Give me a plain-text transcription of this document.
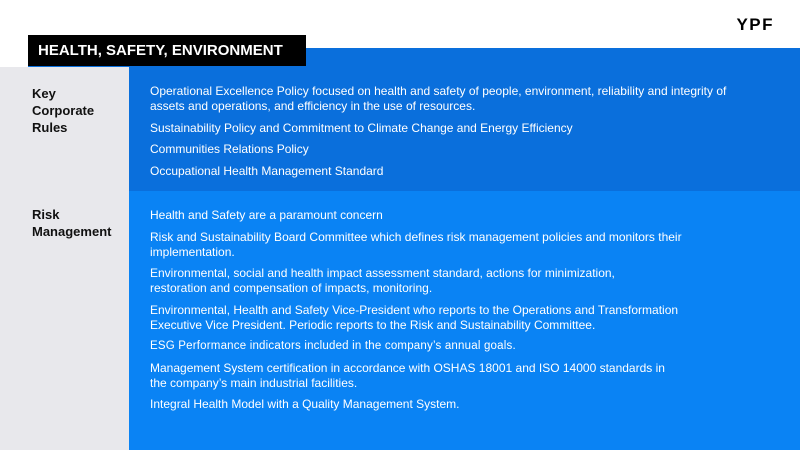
YPF
HEALTH, SAFETY, ENVIRONMENT
Key
Corporate
Rules

Operational Excellence Policy focused on health and safety of people, environment, reliability and integrity of assets and operations, and efficiency in the use of resources.

Sustainability Policy and Commitment to Climate Change and Energy Efficiency

Communities Relations Policy

Occupational Health Management Standard

Risk
Management

Health and Safety are a paramount concern

Risk and Sustainability Board Committee which defines risk management policies and monitors their implementation.

Environmental, social and health impact assessment standard, actions for minimization, restoration and compensation of impacts, monitoring.

Environmental, Health and Safety Vice-President who reports to the Operations and Transformation Executive Vice President. Periodic reports to the Risk and Sustainability Committee.

ESG Performance indicators included in the company’s annual goals.

Management System certification in accordance with OSHAS 18001 and ISO 14000 standards in the company’s main industrial facilities.

Integral Health Model with a Quality Management System.
